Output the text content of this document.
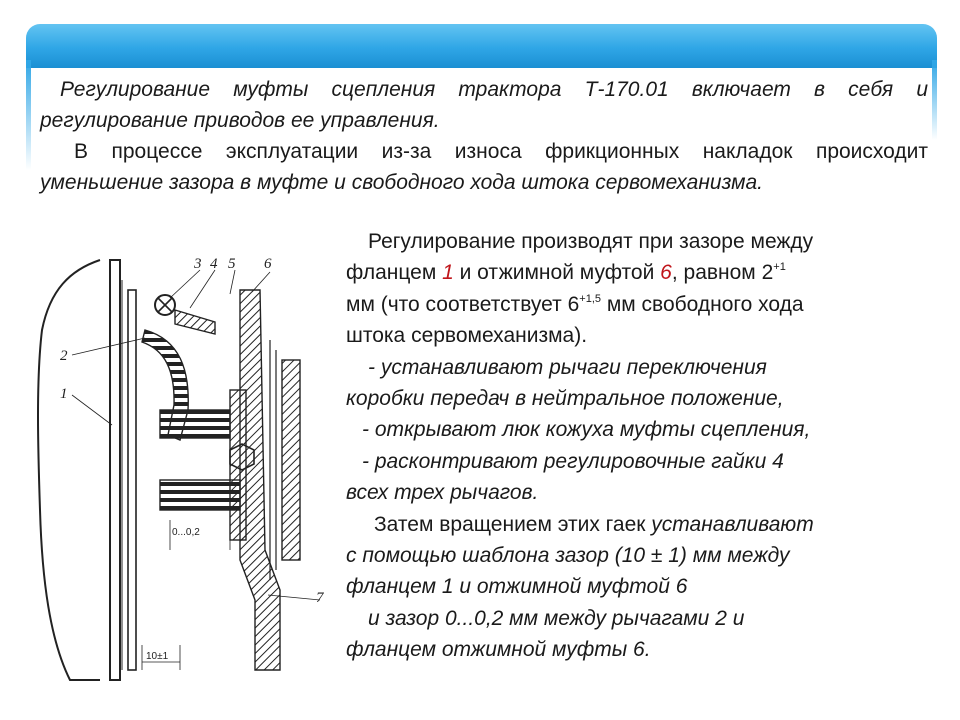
Регулирование муфты сцепления трактора Т-170.01 включает в себя и регулирование приводов ее управления.

В процессе эксплуатации из-за износа фрикционных накладок происходит уменьшение зазора в муфте и свободного хода штока сервомеханизма.

Регулирование производят при зазоре между
фланцем 1 и отжимной муфтой 6, равном $2^{+1}$
мм (что соответствует $6^{+1,5}$ мм свободного хода
штока сервомеханизма).
- устанавливают рычаги переключения
коробки передач в нейтральное положение,
- открывают люк кожуха муфты сцепления,
- расконтривают регулировочные гайки 4
всех трех рычагов.
Затем вращением этих гаек устанавливают
с помощью шаблона зазор (10 ± 1) мм между
фланцем 1 и отжимной муфтой 6
и зазор 0...0,2 мм между рычагами 2 и
фланцем отжимной муфты 6.
1
2
3 4 5 6
7
0...0,2
10±1
